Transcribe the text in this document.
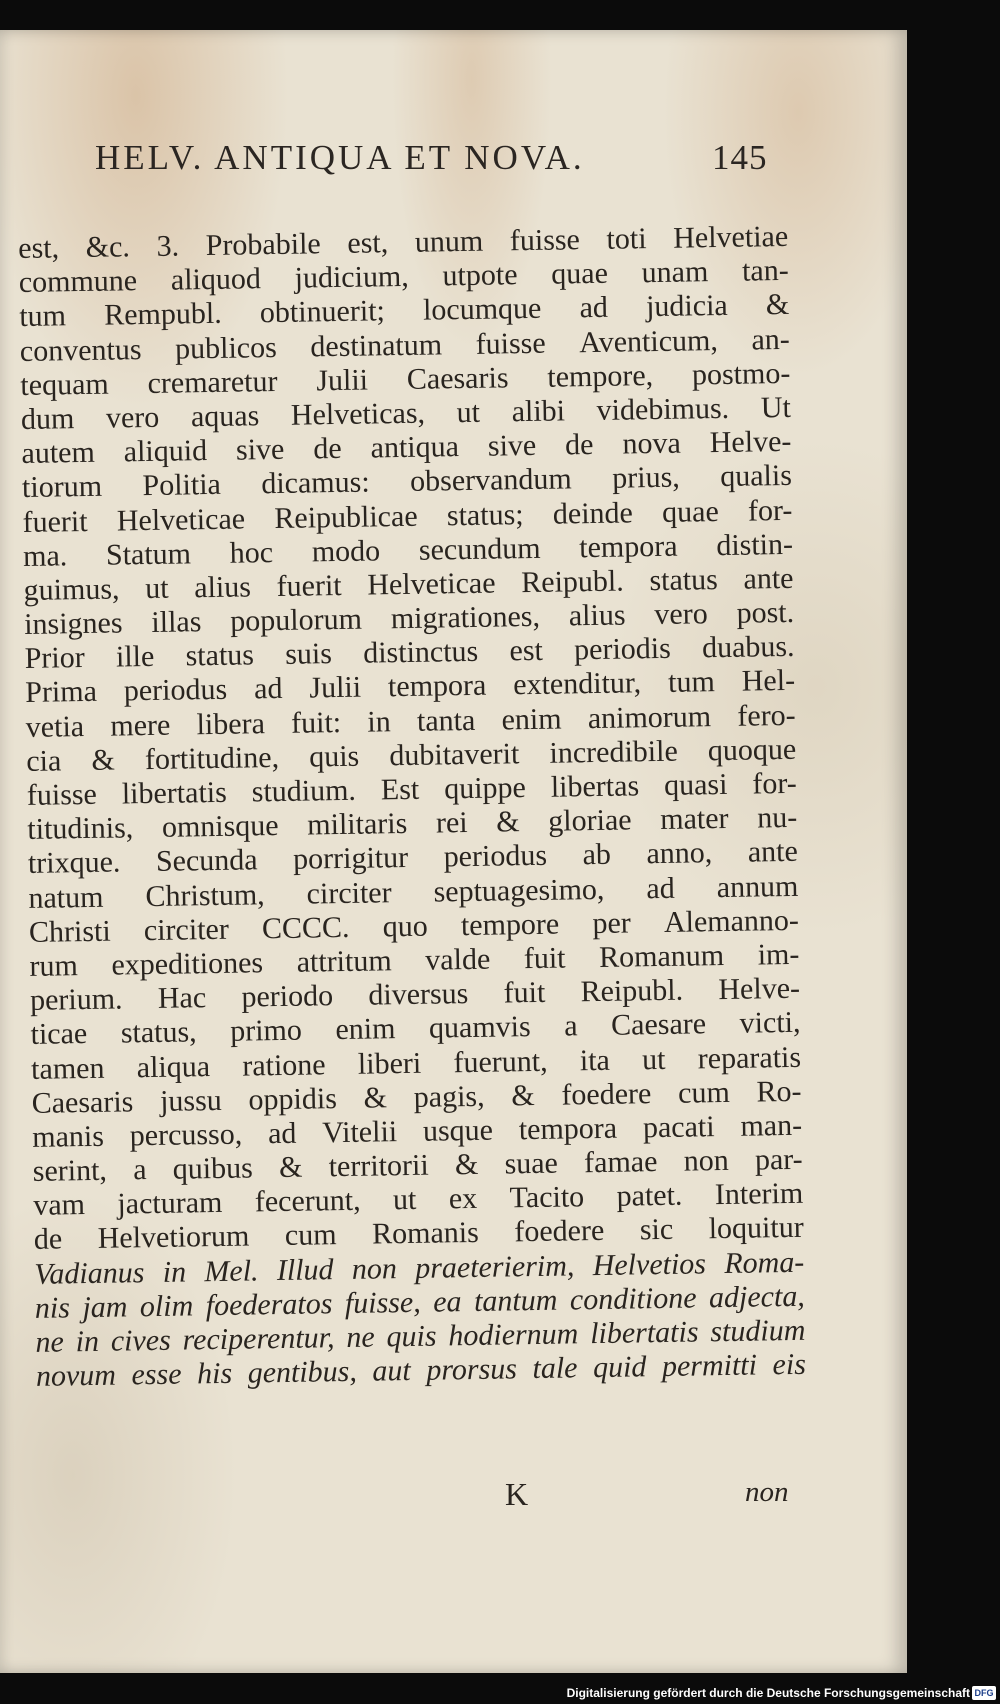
HELV. ANTIQUA ET NOVA.	145
est, &c. 3. Probabile est, unum fuisse toti Helvetiae
commune aliquod judicium, utpote quae unam tan-
tum Rempubl. obtinuerit; locumque ad judicia &
conventus publicos destinatum fuisse Aventicum, an-
tequam cremaretur Julii Caesaris tempore, postmo-
dum vero aquas Helveticas, ut alibi videbimus. Ut
autem aliquid sive de antiqua sive de nova Helve-
tiorum Politia dicamus: observandum prius, qualis
fuerit Helveticae Reipublicae status; deinde quae for-
ma. Statum hoc modo secundum tempora distin-
guimus, ut alius fuerit Helveticae Reipubl. status ante
insignes illas populorum migrationes, alius vero post.
Prior ille status suis distinctus est periodis duabus.
Prima periodus ad Julii tempora extenditur, tum Hel-
vetia mere libera fuit: in tanta enim animorum fero-
cia & fortitudine, quis dubitaverit incredibile quoque
fuisse libertatis studium. Est quippe libertas quasi for-
titudinis, omnisque militaris rei & gloriae mater nu-
trixque. Secunda porrigitur periodus ab anno, ante
natum Christum, circiter septuagesimo, ad annum
Christi circiter CCCC. quo tempore per Alemanno-
rum expeditiones attritum valde fuit Romanum im-
perium. Hac periodo diversus fuit Reipubl. Helve-
ticae status, primo enim quamvis a Caesare victi,
tamen aliqua ratione liberi fuerunt, ita ut reparatis
Caesaris jussu oppidis & pagis, & foedere cum Ro-
manis percusso, ad Vitelii usque tempora pacati man-
serint, a quibus & territorii & suae famae non par-
vam jacturam fecerunt, ut ex Tacito patet. Interim
de Helvetiorum cum Romanis foedere sic loquitur
Vadianus in Mel. Illud non praeterierim, Helvetios Roma-
nis jam olim foederatos fuisse, ea tantum conditione adjecta,
ne in cives reciperentur, ne quis hodiernum libertatis studium
novum esse his gentibus, aut prorsus tale quid permitti eis
K	non
Digitalisierung gefördert durch die Deutsche Forschungsgemeinschaft DFG
